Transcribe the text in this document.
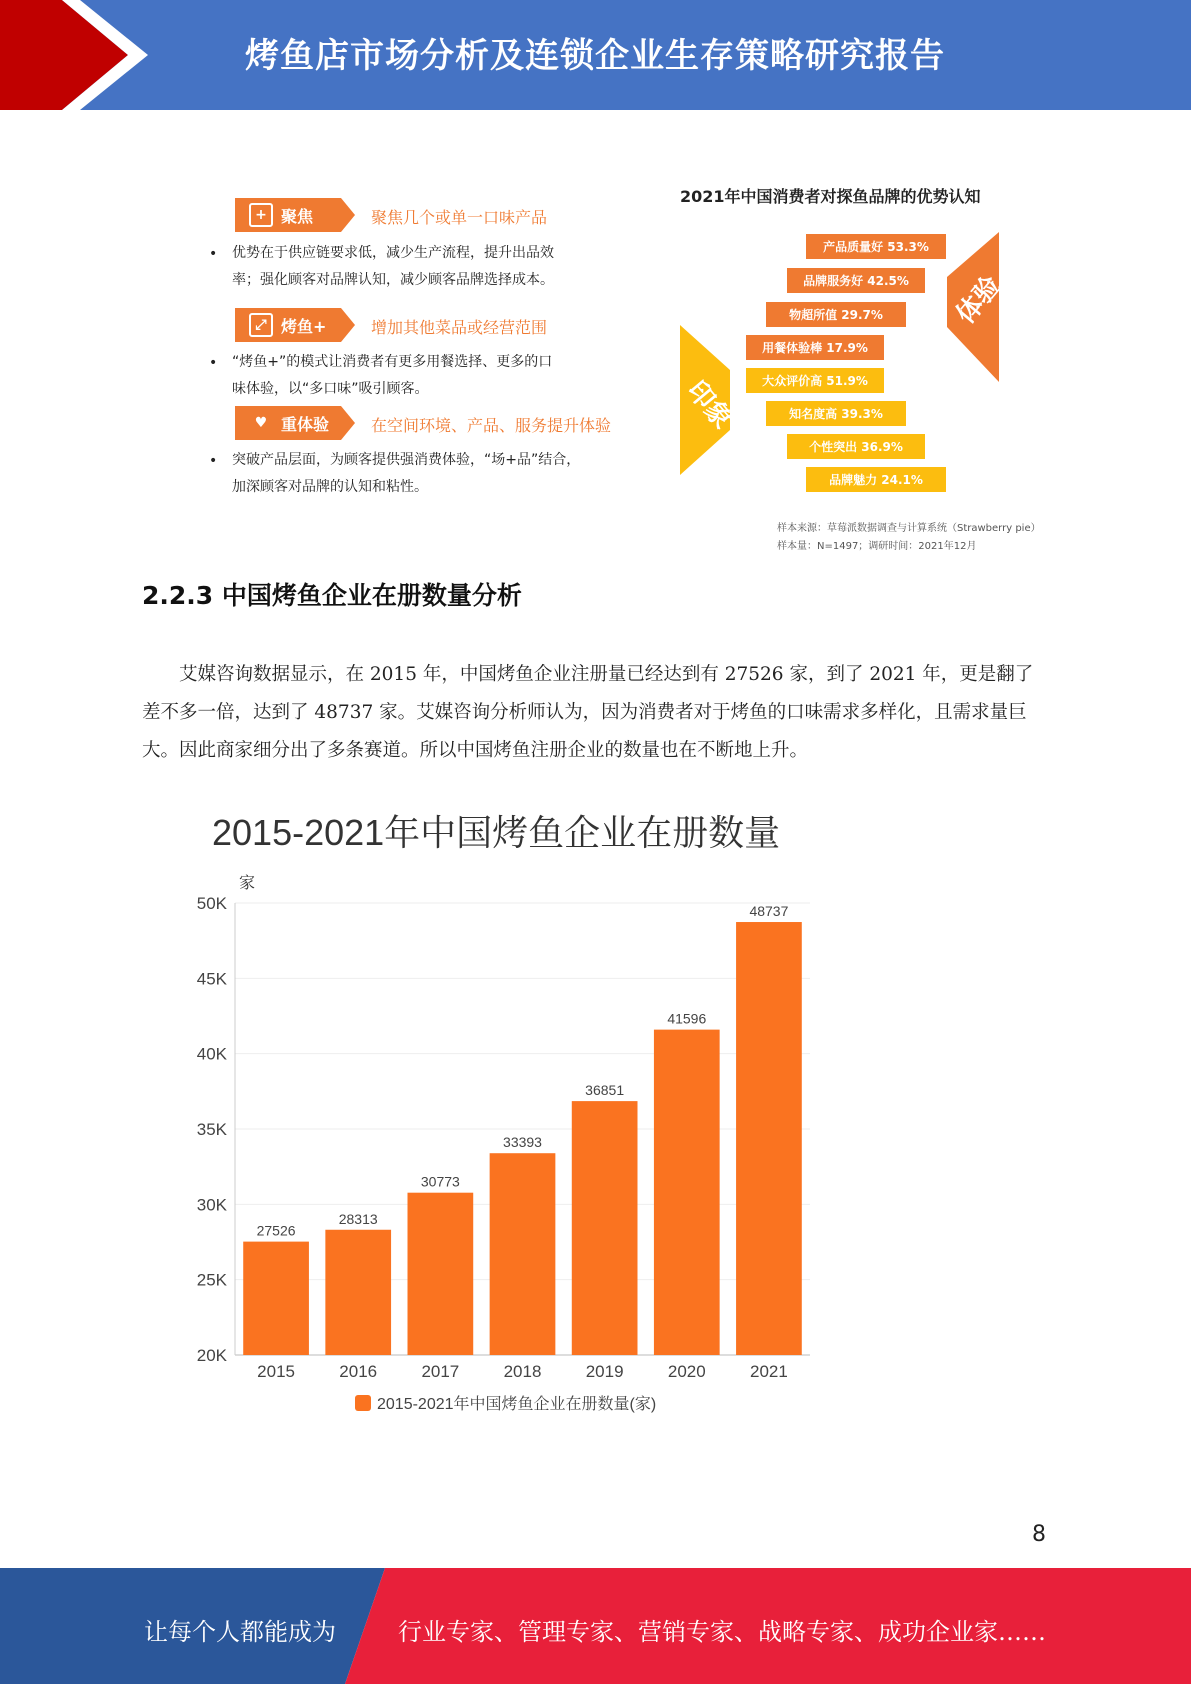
烤鱼店市场分析及连锁企业生存策略研究报告
+ 聚焦	聚焦几个或单一口味产品
• 优势在于供应链要求低，减少生产流程，提升出品效
率；强化顾客对品牌认知，减少顾客品牌选择成本。
⤢ 烤鱼+	增加其他菜品或经营范围
• “烤鱼+”的模式让消费者有更多用餐选择、更多的口
味体验，以“多口味”吸引顾客。
♥ 重体验	在空间环境、产品、服务提升体验
• 突破产品层面，为顾客提供强消费体验，“场+品”结合，
加深顾客对品牌的认知和粘性。
2021年中国消费者对探鱼品牌的优势认知
印象
体验
产品质量好 53.3%
品牌服务好 42.5%
物超所值 29.7%
用餐体验棒 17.9%
大众评价高 51.9%
知名度高 39.3%
个性突出 36.9%
品牌魅力 24.1%
样本来源：草莓派数据调查与计算系统（Strawberry pie）
样本量：N=1497；调研时间：2021年12月
2.2.3 中国烤鱼企业在册数量分析
艾媒咨询数据显示，在 2015 年，中国烤鱼企业注册量已经达到有 27526 家，到了 2021 年，更是翻了差不多一倍，达到了 48737 家。艾媒咨询分析师认为，因为消费者对于烤鱼的口味需求多样化，且需求量巨大。因此商家细分出了多条赛道。所以中国烤鱼注册企业的数量也在不断地上升。
2015-2021年中国烤鱼企业在册数量
家
20K
25K
30K
35K
40K
45K
50K
27526
2015
28313
2016
30773
2017
33393
2018
36851
2019
41596
2020
48737
2021
2015-2021年中国烤鱼企业在册数量(家)
8
让每个人都能成为	行业专家、管理专家、营销专家、战略专家、成功企业家……
